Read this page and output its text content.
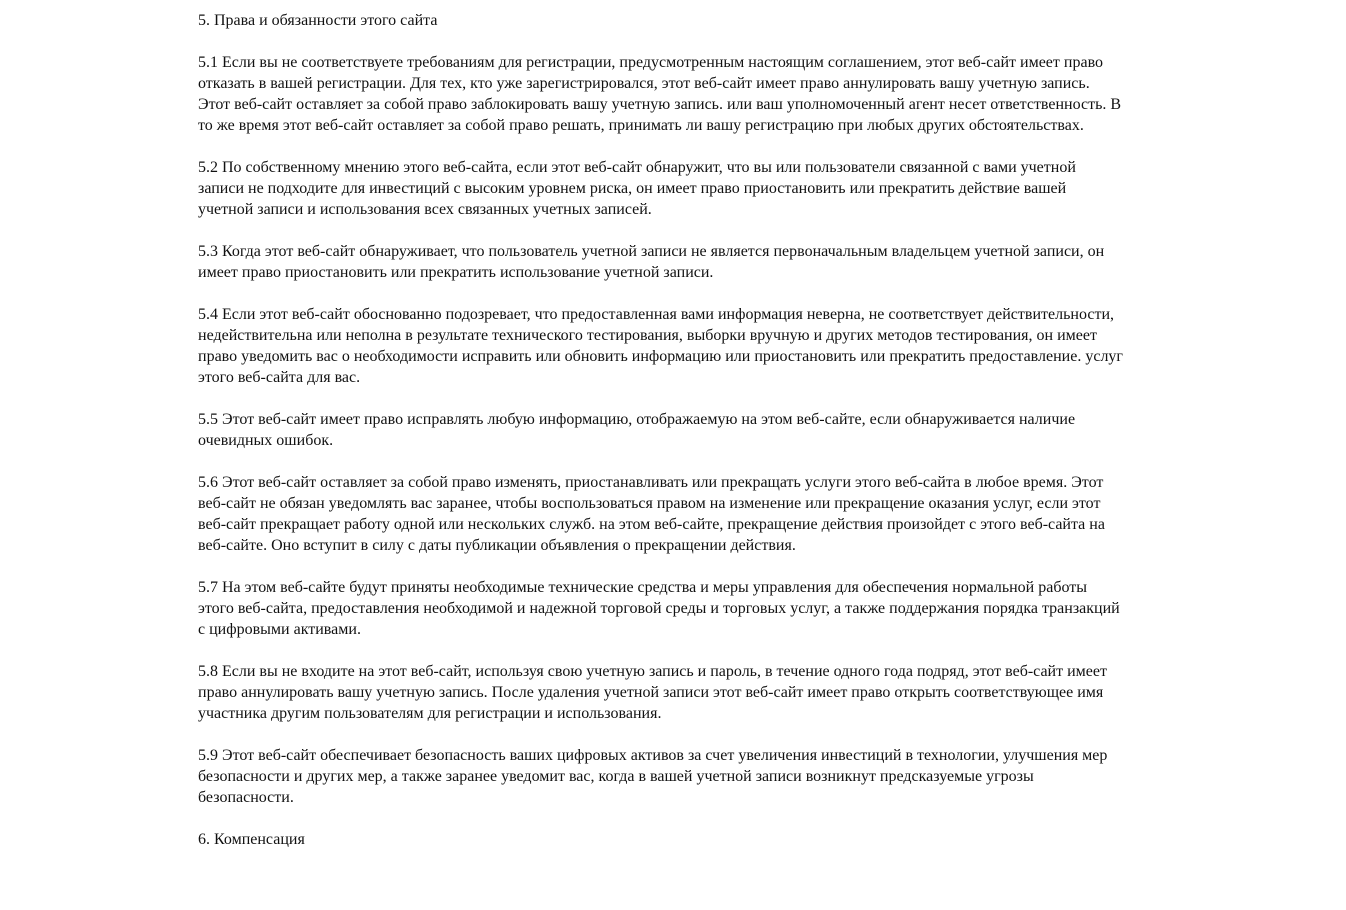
5. Права и обязанности этого сайта

5.1 Если вы не соответствуете требованиям для регистрации, предусмотренным настоящим соглашением, этот веб-сайт имеет право отказать в вашей регистрации. Для тех, кто уже зарегистрировался, этот веб-сайт имеет право аннулировать вашу учетную запись. Этот веб-сайт оставляет за собой право заблокировать вашу учетную запись. или ваш уполномоченный агент несет ответственность. В то же время этот веб-сайт оставляет за собой право решать, принимать ли вашу регистрацию при любых других обстоятельствах.

5.2 По собственному мнению этого веб-сайта, если этот веб-сайт обнаружит, что вы или пользователи связанной с вами учетной записи не подходите для инвестиций с высоким уровнем риска, он имеет право приостановить или прекратить действие вашей учетной записи и использования всех связанных учетных записей.

5.3 Когда этот веб-сайт обнаруживает, что пользователь учетной записи не является первоначальным владельцем учетной записи, он имеет право приостановить или прекратить использование учетной записи.

5.4 Если этот веб-сайт обоснованно подозревает, что предоставленная вами информация неверна, не соответствует действительности, недействительна или неполна в результате технического тестирования, выборки вручную и других методов тестирования, он имеет право уведомить вас о необходимости исправить или обновить информацию или приостановить или прекратить предоставление. услуг этого веб-сайта для вас.

5.5 Этот веб-сайт имеет право исправлять любую информацию, отображаемую на этом веб-сайте, если обнаруживается наличие очевидных ошибок.

5.6 Этот веб-сайт оставляет за собой право изменять, приостанавливать или прекращать услуги этого веб-сайта в любое время. Этот веб-сайт не обязан уведомлять вас заранее, чтобы воспользоваться правом на изменение или прекращение оказания услуг, если этот веб-сайт прекращает работу одной или нескольких служб. на этом веб-сайте, прекращение действия произойдет с этого веб-сайта на веб-сайте. Оно вступит в силу с даты публикации объявления о прекращении действия.

5.7 На этом веб-сайте будут приняты необходимые технические средства и меры управления для обеспечения нормальной работы этого веб-сайта, предоставления необходимой и надежной торговой среды и торговых услуг, а также поддержания порядка транзакций с цифровыми активами.

5.8 Если вы не входите на этот веб-сайт, используя свою учетную запись и пароль, в течение одного года подряд, этот веб-сайт имеет право аннулировать вашу учетную запись. После удаления учетной записи этот веб-сайт имеет право открыть соответствующее имя участника другим пользователям для регистрации и использования.

5.9 Этот веб-сайт обеспечивает безопасность ваших цифровых активов за счет увеличения инвестиций в технологии, улучшения мер безопасности и других мер, а также заранее уведомит вас, когда в вашей учетной записи возникнут предсказуемые угрозы безопасности.

6. Компенсация
